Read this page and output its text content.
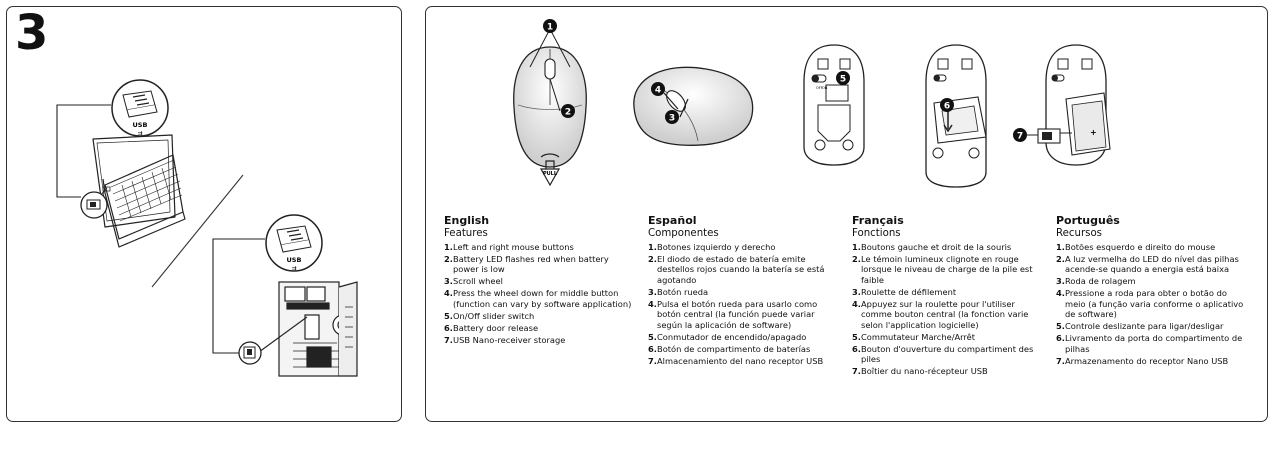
3
USB
⇉
USB
⇉
PULL
1
2
4
3
OFF ON
5
6
+
7
English
Features
1. Left and right mouse buttons
2. Battery LED flashes red when battery power is low
3. Scroll wheel
4. Press the wheel down for middle button (function can vary by software application)
5. On/Off slider switch
6. Battery door release
7. USB Nano-receiver storage
Español
Componentes
1. Botones izquierdo y derecho
2. El diodo de estado de batería emite destellos rojos cuando la batería se está agotando
3. Botón rueda
4. Pulsa el botón rueda para usarlo como botón central (la función puede variar según la aplicación de software)
5. Conmutador de encendido/apagado
6. Botón de compartimento de baterías
7. Almacenamiento del nano receptor USB
Français
Fonctions
1. Boutons gauche et droit de la souris
2. Le témoin lumineux clignote en rouge lorsque le niveau de charge de la pile est faible
3. Roulette de défilement
4. Appuyez sur la roulette pour l'utiliser comme bouton central (la fonction varie selon l'application logicielle)
5. Commutateur Marche/Arrêt
6. Bouton d'ouverture du compartiment des piles
7. Boîtier du nano-récepteur USB
Português
Recursos
1. Botões esquerdo e direito do mouse
2. A luz vermelha do LED do nível das pilhas acende-se quando a energia está baixa
3. Roda de rolagem
4. Pressione a roda para obter o botão do meio (a função varia conforme o aplicativo de software)
5. Controle deslizante para ligar/desligar
6. Livramento da porta do compartimento de pilhas
7. Armazenamento do receptor Nano USB
